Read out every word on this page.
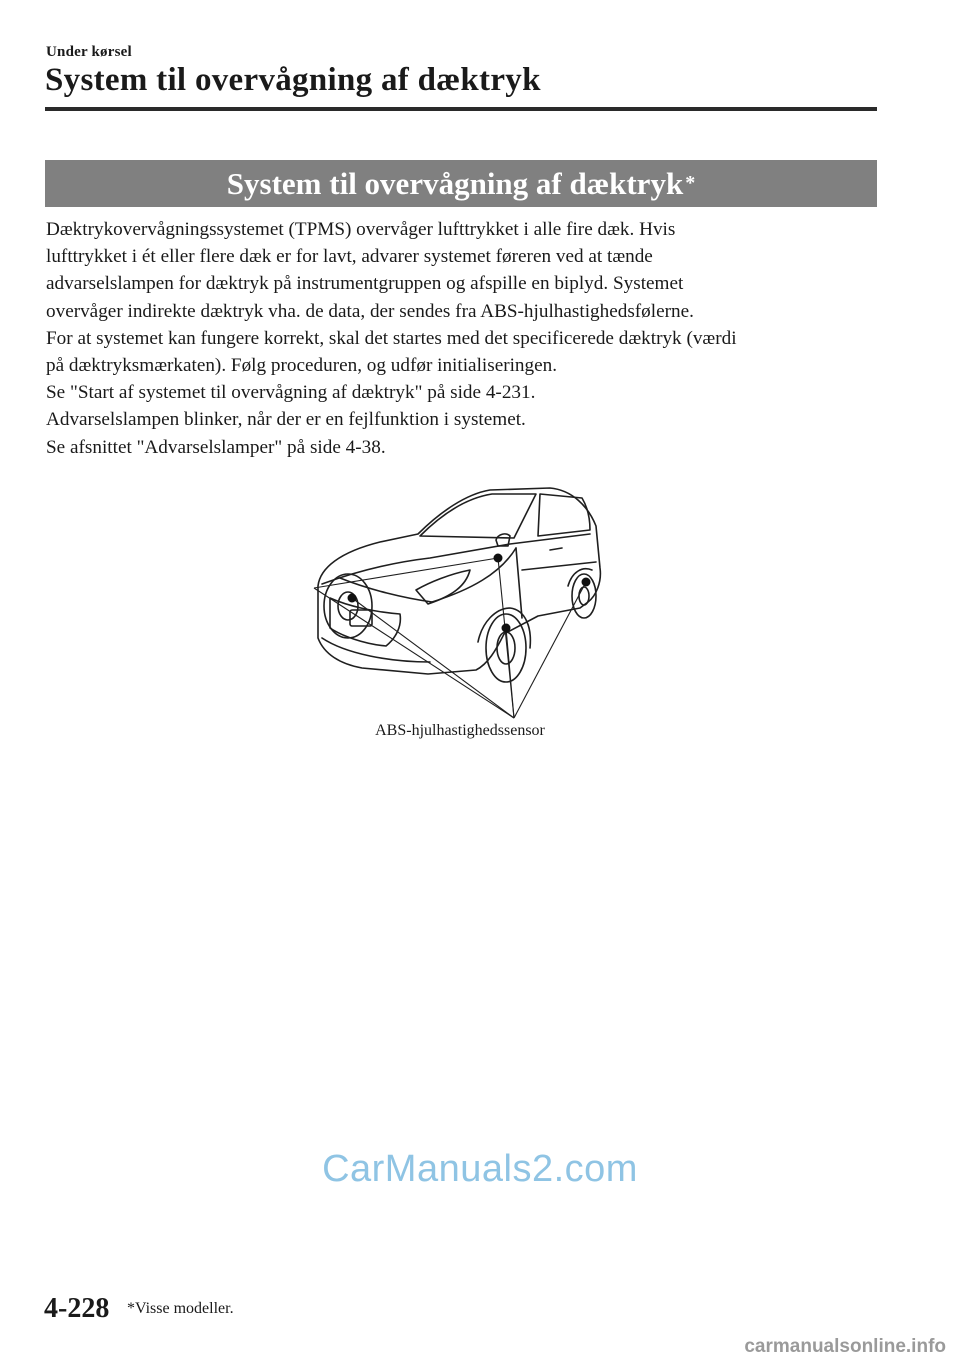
Under kørsel
System til overvågning af dæktryk
System til overvågning af dæktryk *
Dæktrykovervågningssystemet (TPMS) overvåger lufttrykket i alle fire dæk. Hvis
lufttrykket i ét eller flere dæk er for lavt, advarer systemet føreren ved at tænde
advarselslampen for dæktryk på instrumentgruppen og afspille en biplyd. Systemet
overvåger indirekte dæktryk vha. de data, der sendes fra ABS-hjulhastighedsfølerne.
For at systemet kan fungere korrekt, skal det startes med det specificerede dæktryk (værdi
på dæktryksmærkaten). Følg proceduren, og udfør initialiseringen.
Se "Start af systemet til overvågning af dæktryk" på side 4-231.
Advarselslampen blinker, når der er en fejlfunktion i systemet.
Se afsnittet "Advarselslamper" på side 4-38.
ABS-hjulhastighedssensor
CarManuals2.com
4-228 *Visse modeller.
carmanualsonline.info
